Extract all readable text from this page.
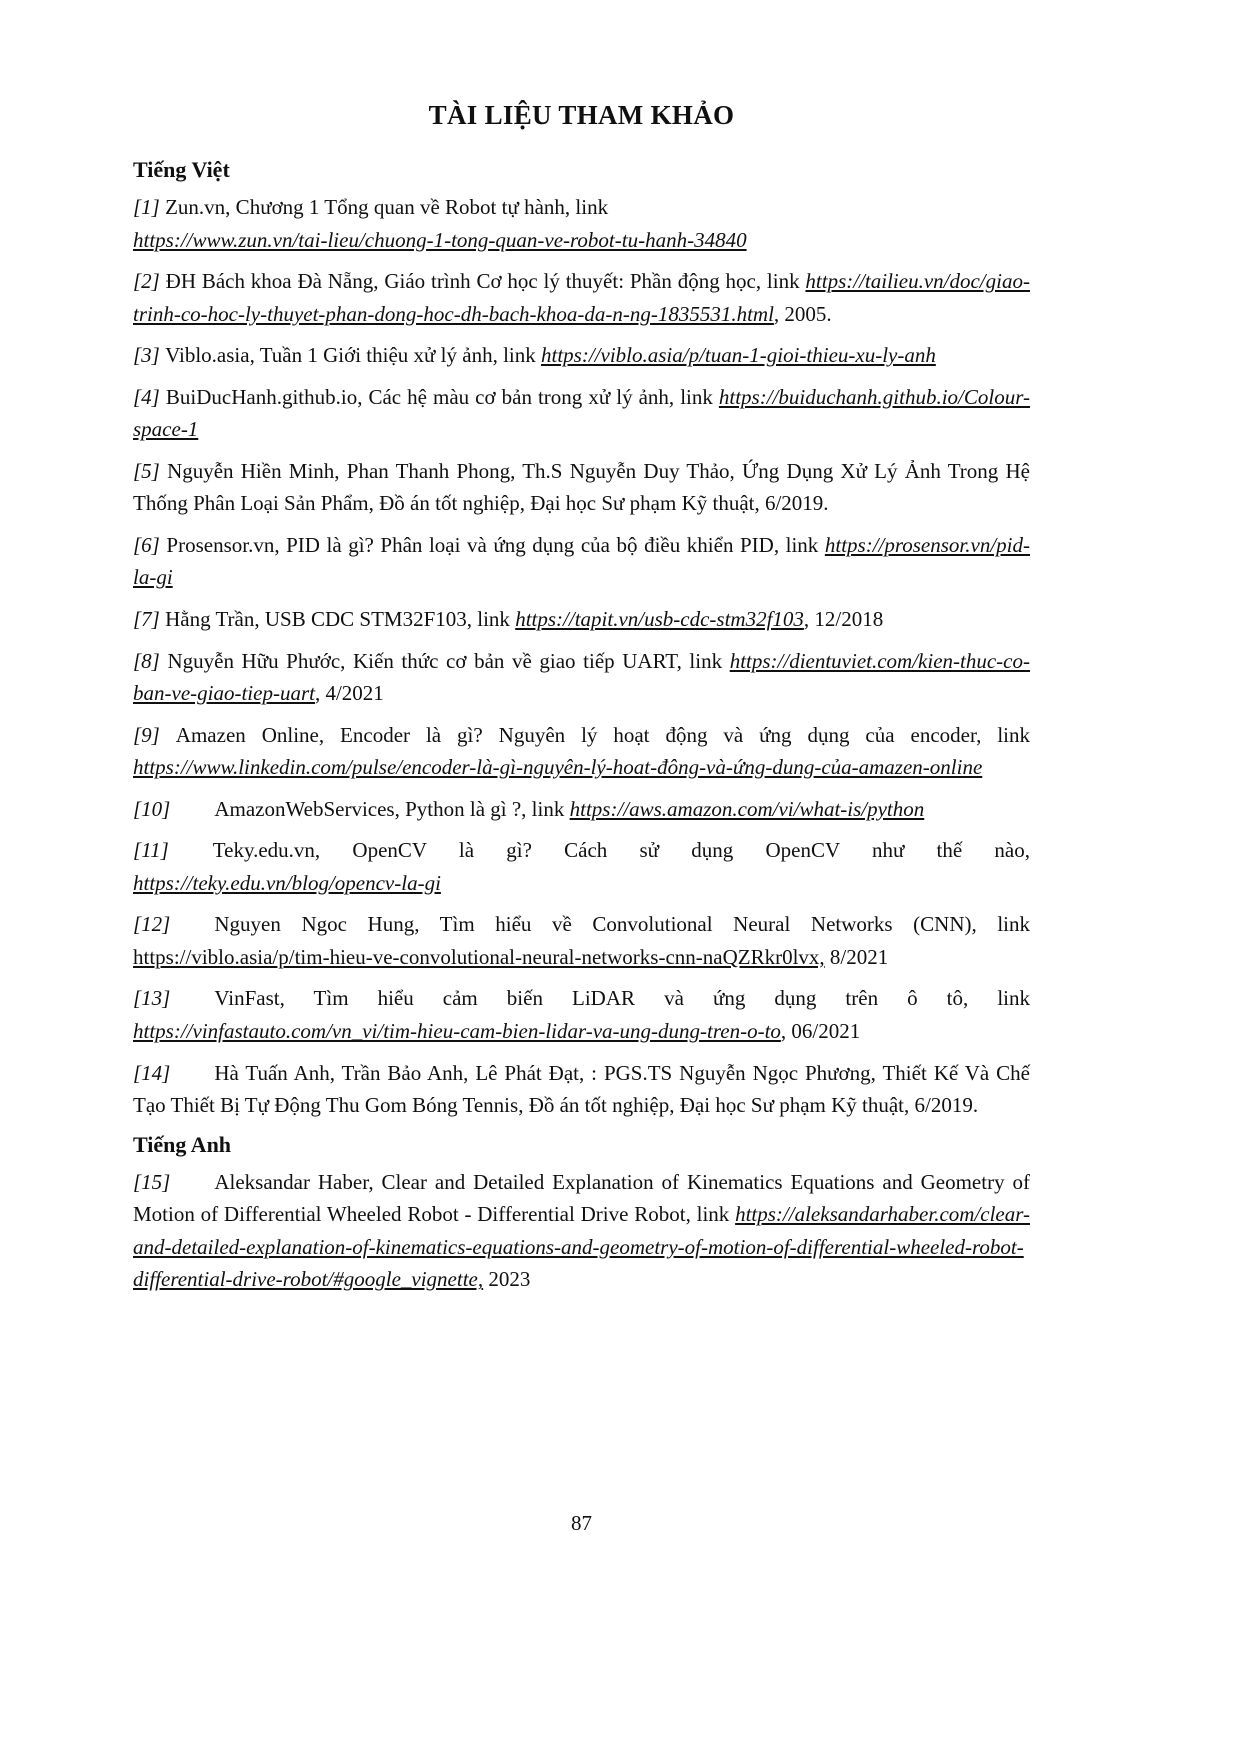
TÀI LIỆU THAM KHẢO

Tiếng Việt

[1] Zun.vn, Chương 1 Tổng quan về Robot tự hành, link
https://www.zun.vn/tai-lieu/chuong-1-tong-quan-ve-robot-tu-hanh-34840

[2] ĐH Bách khoa Đà Nẵng, Giáo trình Cơ học lý thuyết: Phần động học, link https://tailieu.vn/doc/giao-trinh-co-hoc-ly-thuyet-phan-dong-hoc-dh-bach-khoa-da-n-ng-1835531.html, 2005.

[3] Viblo.asia, Tuần 1 Giới thiệu xử lý ảnh, link https://viblo.asia/p/tuan-1-gioi-thieu-xu-ly-anh

[4] BuiDucHanh.github.io, Các hệ màu cơ bản trong xử lý ảnh, link https://buiduchanh.github.io/Colour-space-1

[5] Nguyễn Hiền Minh, Phan Thanh Phong, Th.S Nguyễn Duy Thảo, Ứng Dụng Xử Lý Ảnh Trong Hệ Thống Phân Loại Sản Phẩm, Đồ án tốt nghiệp, Đại học Sư phạm Kỹ thuật, 6/2019.

[6] Prosensor.vn, PID là gì? Phân loại và ứng dụng của bộ điều khiển PID, link https://prosensor.vn/pid-la-gi

[7] Hằng Trần, USB CDC STM32F103, link https://tapit.vn/usb-cdc-stm32f103, 12/2018

[8] Nguyễn Hữu Phước, Kiến thức cơ bản về giao tiếp UART, link https://dientuviet.com/kien-thuc-co-ban-ve-giao-tiep-uart, 4/2021

[9] Amazen Online, Encoder là gì? Nguyên lý hoạt động và ứng dụng của encoder, link https://www.linkedin.com/pulse/encoder-là-gì-nguyên-lý-hoat-đông-và-ứng-dung-của-amazen-online

[10] AmazonWebServices, Python là gì ?, link https://aws.amazon.com/vi/what-is/python

[11] Teky.edu.vn, OpenCV là gì? Cách sử dụng OpenCV như thế nào, https://teky.edu.vn/blog/opencv-la-gi

[12] Nguyen Ngoc Hung, Tìm hiểu về Convolutional Neural Networks (CNN), link https://viblo.asia/p/tim-hieu-ve-convolutional-neural-networks-cnn-naQZRkr0lvx, 8/2021

[13] VinFast, Tìm hiểu cảm biến LiDAR và ứng dụng trên ô tô, link https://vinfastauto.com/vn_vi/tim-hieu-cam-bien-lidar-va-ung-dung-tren-o-to, 06/2021

[14] Hà Tuấn Anh, Trần Bảo Anh, Lê Phát Đạt, : PGS.TS Nguyễn Ngọc Phương, Thiết Kế Và Chế Tạo Thiết Bị Tự Động Thu Gom Bóng Tennis, Đồ án tốt nghiệp, Đại học Sư phạm Kỹ thuật, 6/2019.

Tiếng Anh

[15] Aleksandar Haber, Clear and Detailed Explanation of Kinematics Equations and Geometry of Motion of Differential Wheeled Robot - Differential Drive Robot, link https://aleksandarhaber.com/clear-and-detailed-explanation-of-kinematics-equations-and-geometry-of-motion-of-differential-wheeled-robot-differential-drive-robot/#google_vignette, 2023

87
